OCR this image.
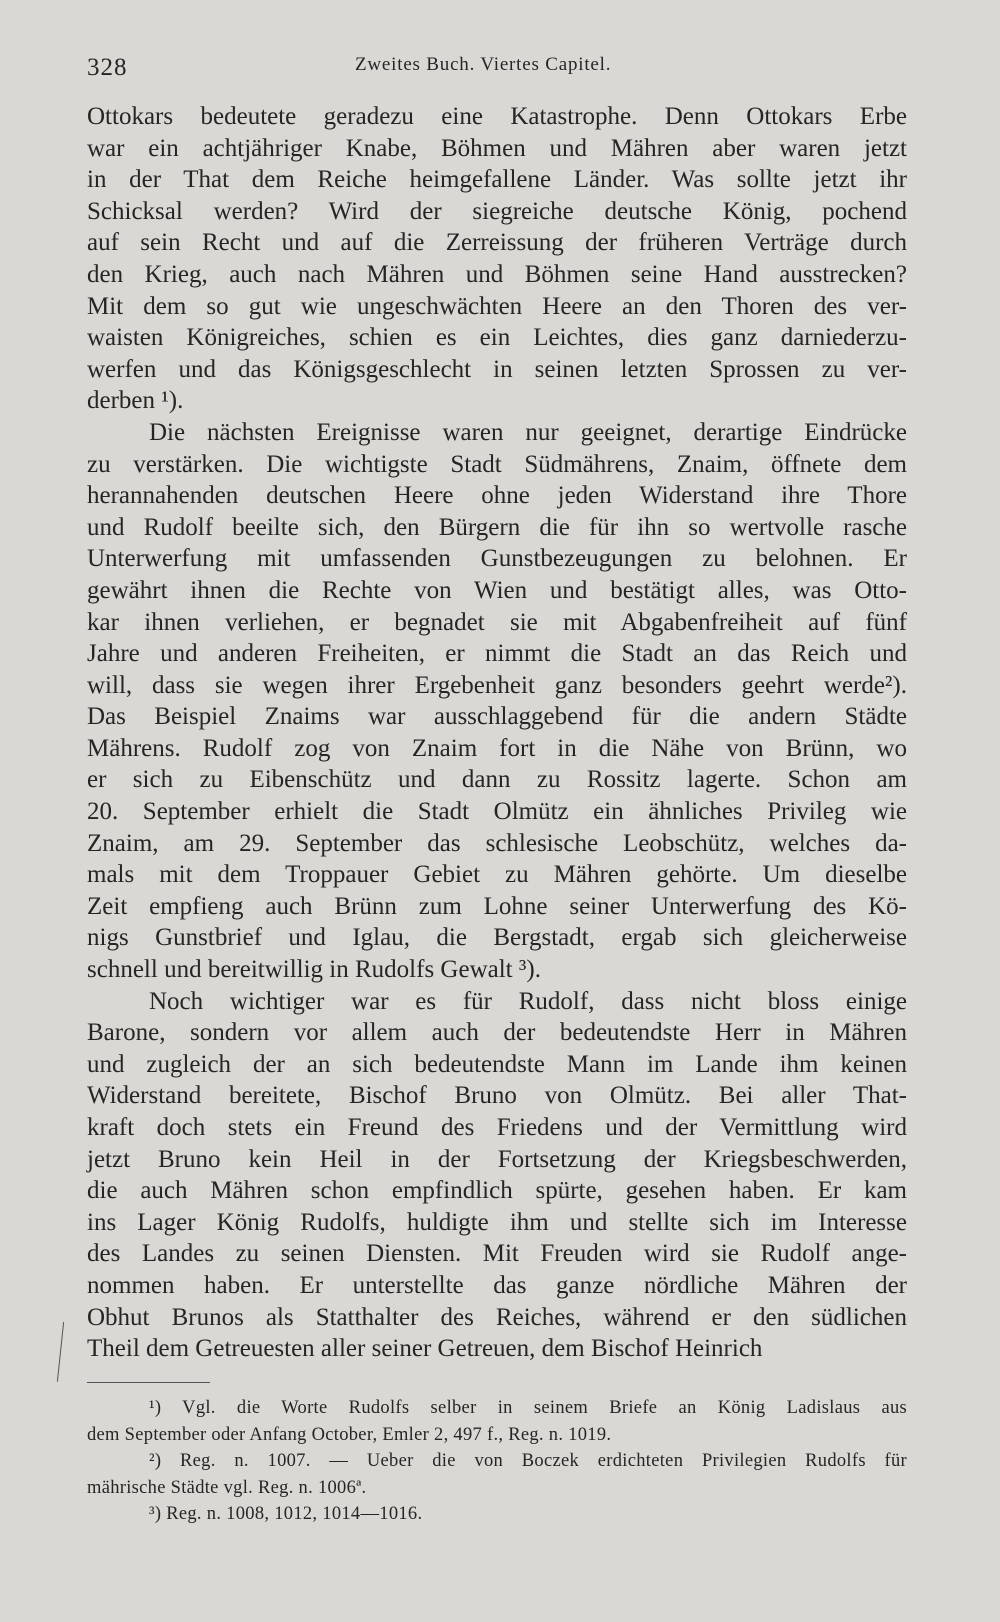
328	Zweites Buch. Viertes Capitel.
Ottokars bedeutete geradezu eine Katastrophe. Denn Ottokars Erbe
war ein achtjähriger Knabe, Böhmen und Mähren aber waren jetzt
in der That dem Reiche heimgefallene Länder. Was sollte jetzt ihr
Schicksal werden? Wird der siegreiche deutsche König, pochend
auf sein Recht und auf die Zerreissung der früheren Verträge durch
den Krieg, auch nach Mähren und Böhmen seine Hand ausstrecken?
Mit dem so gut wie ungeschwächten Heere an den Thoren des ver-
waisten Königreiches, schien es ein Leichtes, dies ganz darniederzu-
werfen und das Königsgeschlecht in seinen letzten Sprossen zu ver-
derben ¹).
Die nächsten Ereignisse waren nur geeignet, derartige Eindrücke
zu verstärken. Die wichtigste Stadt Südmährens, Znaim, öffnete dem
herannahenden deutschen Heere ohne jeden Widerstand ihre Thore
und Rudolf beeilte sich, den Bürgern die für ihn so wertvolle rasche
Unterwerfung mit umfassenden Gunstbezeugungen zu belohnen. Er
gewährt ihnen die Rechte von Wien und bestätigt alles, was Otto-
kar ihnen verliehen, er begnadet sie mit Abgabenfreiheit auf fünf
Jahre und anderen Freiheiten, er nimmt die Stadt an das Reich und
will, dass sie wegen ihrer Ergebenheit ganz besonders geehrt werde²).
Das Beispiel Znaims war ausschlaggebend für die andern Städte
Mährens. Rudolf zog von Znaim fort in die Nähe von Brünn, wo
er sich zu Eibenschütz und dann zu Rossitz lagerte. Schon am
20. September erhielt die Stadt Olmütz ein ähnliches Privileg wie
Znaim, am 29. September das schlesische Leobschütz, welches da-
mals mit dem Troppauer Gebiet zu Mähren gehörte. Um dieselbe
Zeit empfieng auch Brünn zum Lohne seiner Unterwerfung des Kö-
nigs Gunstbrief und Iglau, die Bergstadt, ergab sich gleicherweise
schnell und bereitwillig in Rudolfs Gewalt ³).
Noch wichtiger war es für Rudolf, dass nicht bloss einige
Barone, sondern vor allem auch der bedeutendste Herr in Mähren
und zugleich der an sich bedeutendste Mann im Lande ihm keinen
Widerstand bereitete, Bischof Bruno von Olmütz. Bei aller That-
kraft doch stets ein Freund des Friedens und der Vermittlung wird
jetzt Bruno kein Heil in der Fortsetzung der Kriegsbeschwerden,
die auch Mähren schon empfindlich spürte, gesehen haben. Er kam
ins Lager König Rudolfs, huldigte ihm und stellte sich im Interesse
des Landes zu seinen Diensten. Mit Freuden wird sie Rudolf ange-
nommen haben. Er unterstellte das ganze nördliche Mähren der
Obhut Brunos als Statthalter des Reiches, während er den südlichen
Theil dem Getreuesten aller seiner Getreuen, dem Bischof Heinrich
¹) Vgl. die Worte Rudolfs selber in seinem Briefe an König Ladislaus aus
dem September oder Anfang October, Emler 2, 497 f., Reg. n. 1019.
²) Reg. n. 1007. — Ueber die von Boczek erdichteten Privilegien Rudolfs für
mährische Städte vgl. Reg. n. 1006ª.
³) Reg. n. 1008, 1012, 1014—1016.
